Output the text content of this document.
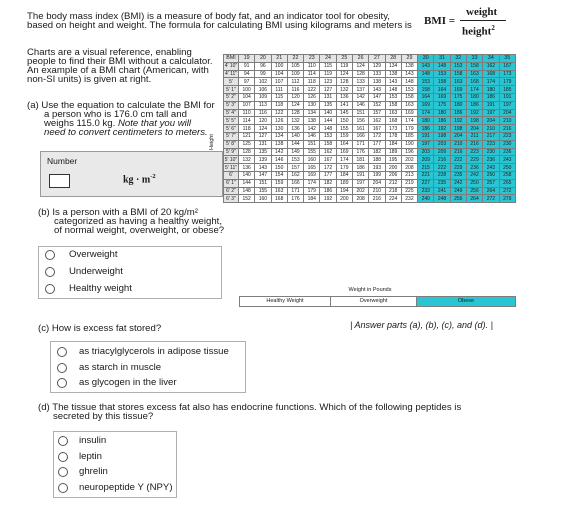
The body mass index (BMI) is a measure of body fat, and an indicator tool for obesity,
based on height and weight. The formula for calculating BMI using kilograms and meters is BMI =
weight
height$^2$
Charts are a visual reference, enabling
people to find their BMI without a calculator.
An example of a BMI chart (American, with
non-SI units) is given at right.
(a) Use the equation to calculate the BMI for
a person who is 176.0 cm tall and
weighs 115.0 kg. Note that you will
need to convert centimeters to meters.
Number
kg · $m^{-2}$
(b) Is a person with a BMI of 20 kg/m²
categorized as having a healthy weight,
of normal weight, overweight, or obese?
Overweight
Underweight
Healthy weight
Height
BMI	19	20	21	22	23	24	25	26	27	28	29	30	31	32	33	34	35
4' 10"	91	96	100	105	110	115	119	124	129	134	138	143	148	153	158	162	167
4' 11"	94	99	104	109	114	119	124	128	133	138	143	148	153	158	163	168	173
5'	97	102	107	112	118	123	128	133	138	143	148	153	158	163	168	174	179
5' 1"	100	106	111	116	122	127	132	137	143	148	153	158	164	169	174	180	185
5' 2"	104	109	115	120	126	131	136	142	147	153	158	164	169	175	180	186	191
5' 3"	107	113	118	124	130	135	141	146	152	158	163	169	175	180	186	191	197
5' 4"	110	116	122	128	134	140	145	151	157	163	169	174	180	186	192	197	204
5' 5"	114	120	126	132	138	144	150	156	162	168	174	180	186	192	198	204	210
5' 6"	118	124	130	136	142	148	155	161	167	173	179	186	192	198	204	210	216
5' 7"	121	127	134	140	146	153	159	166	172	178	185	191	198	204	211	217	223
5' 8"	125	131	138	144	151	158	164	171	177	184	190	197	203	210	216	223	230
5' 9"	128	135	142	149	155	162	169	176	182	189	196	203	209	216	223	230	236
5' 10"	132	139	146	153	160	167	174	181	188	195	202	209	216	222	229	236	243
5' 11"	136	143	150	157	165	172	179	186	193	200	208	215	222	229	236	243	250
6'	140	147	154	162	169	177	184	191	199	206	213	221	228	235	242	250	258
6' 1"	144	151	159	166	174	182	189	197	204	212	219	227	235	242	250	257	265
6' 2"	148	155	163	171	179	186	194	202	210	218	225	233	241	249	256	264	272
6' 3"	152	160	168	176	184	192	200	208	216	224	232	240	248	256	264	272	279
Weight in Pounds
Healthy Weight	Overweight	Obese
(c) How is excess fat stored?	| Answer parts (a), (b), (c), and (d). |
as triacylglycerols in adipose tissue
as starch in muscle
as glycogen in the liver
(d) The tissue that stores excess fat also has endocrine functions. Which of the following peptides is
secreted by this tissue?
insulin
leptin
ghrelin
neuropeptide Y (NPY)
